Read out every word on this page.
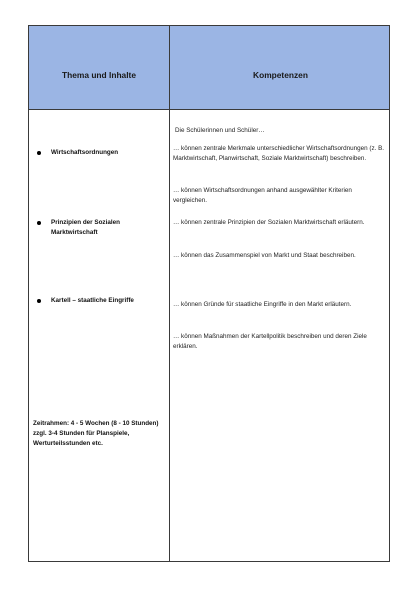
Thema und Inhalte	Kompetenzen
Wirtschaftsordnungen
Prinzipien der Sozialen Marktwirtschaft
Kartell – staatliche Eingriffe
Zeitrahmen: 4 - 5 Wochen (8 - 10 Stunden) zzgl. 3-4 Stunden für Planspiele, Werturteilsstunden etc.
Die Schülerinnen und Schüler…
… können zentrale Merkmale unterschiedlicher Wirtschaftsordnungen (z. B. Marktwirtschaft, Planwirtschaft, Soziale Marktwirtschaft) beschreiben.
… können Wirtschaftsordnungen anhand ausgewählter Kriterien vergleichen.
… können zentrale Prinzipien der Sozialen Marktwirtschaft erläutern.
… können das Zusammenspiel von Markt und Staat beschreiben.
… können Gründe für staatliche Eingriffe in den Markt erläutern.
… können Maßnahmen der Kartellpolitik beschreiben und deren Ziele erklären.
